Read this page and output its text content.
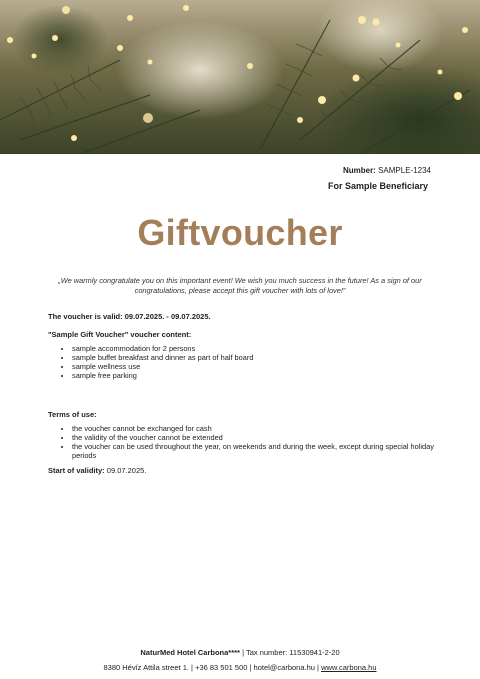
Number: SAMPLE-1234
For Sample Beneficiary
Giftvoucher
„We warmly congratulate you on this important event! We wish you much success in the future! As a sign of our congratulations, please accept this gift voucher with lots of love!”

The voucher is valid: 09.07.2025. - 09.07.2025.

"Sample Gift Voucher" voucher content:

• sample accommodation for 2 persons
• sample buffet breakfast and dinner as part of half board
• sample wellness use
• sample free parking

Terms of use:

• the voucher cannot be exchanged for cash
• the validity of the voucher cannot be extended
• the voucher can be used throughout the year, on weekends and during the week, except during special holiday periods

Start of validity: 09.07.2025.

NaturMed Hotel Carbona**** | Tax number: 11530941-2-20
8380 Hévíz Attila street 1. | +36 83 501 500 | hotel@carbona.hu | www.carbona.hu
